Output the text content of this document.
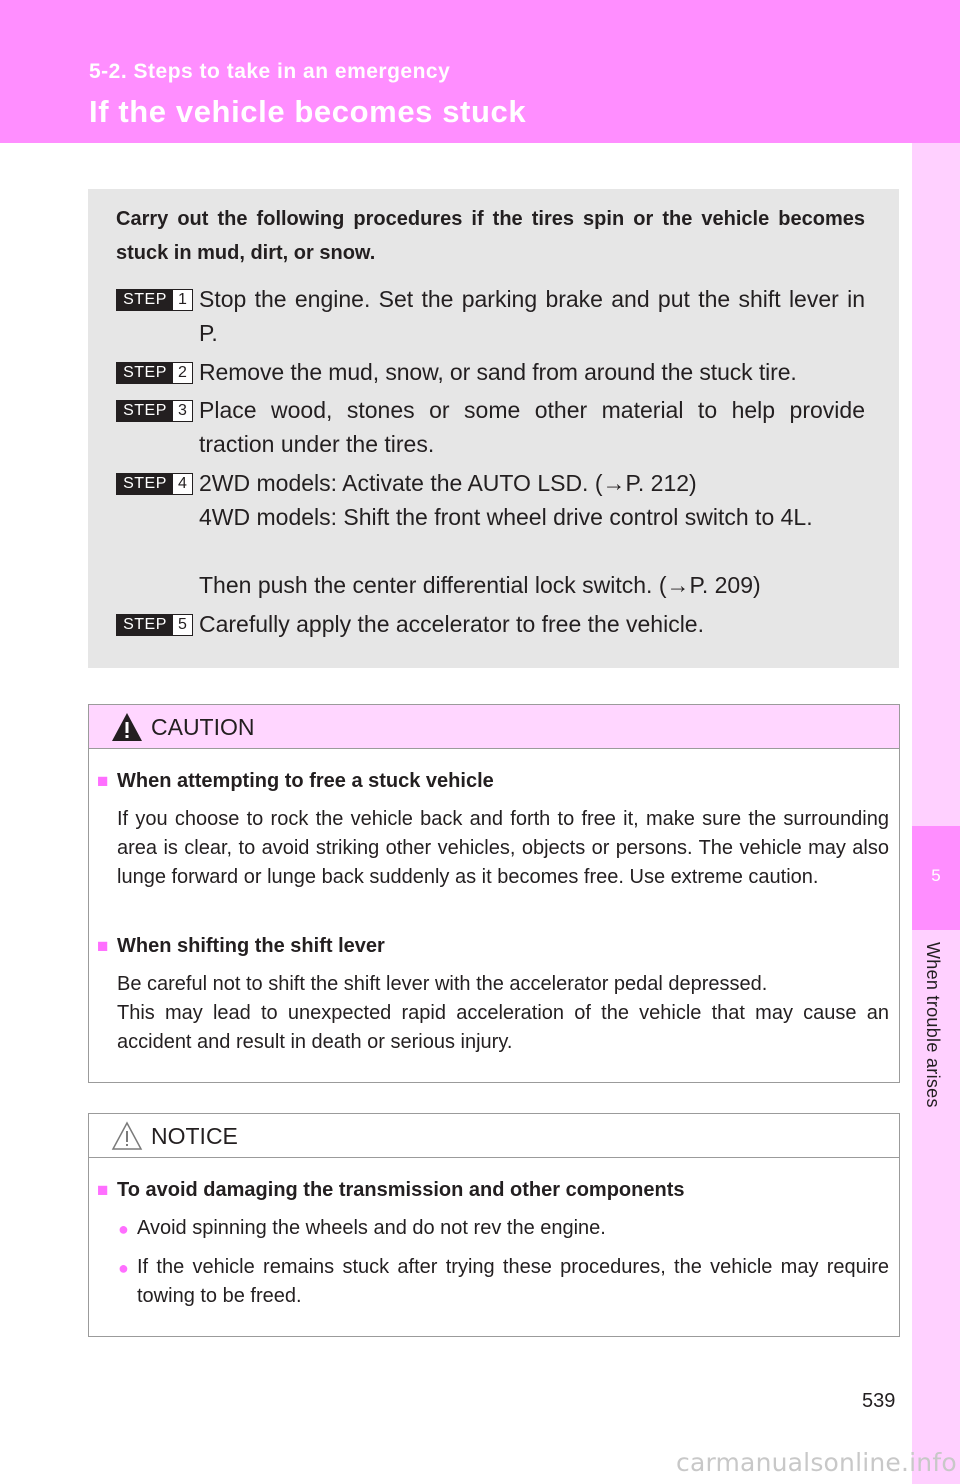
5-2. Steps to take in an emergency
If the vehicle becomes stuck
5
When trouble arises
Carry out the following procedures if the tires spin or the vehicle becomes stuck in mud, dirt, or snow.
STEP 1 Stop the engine. Set the parking brake and put the shift lever in P.
STEP 2 Remove the mud, snow, or sand from around the stuck tire.
STEP 3 Place wood, stones or some other material to help provide traction under the tires.
STEP 4 2WD models: Activate the AUTO LSD. (→P. 212)
4WD models: Shift the front wheel drive control switch to 4L.
Then push the center differential lock switch. (→P. 209)
STEP 5 Carefully apply the accelerator to free the vehicle.
CAUTION
■ When attempting to free a stuck vehicle
If you choose to rock the vehicle back and forth to free it, make sure the surrounding area is clear, to avoid striking other vehicles, objects or persons. The vehicle may also lunge forward or lunge back suddenly as it becomes free. Use extreme caution.
■ When shifting the shift lever
Be careful not to shift the shift lever with the accelerator pedal depressed.
This may lead to unexpected rapid acceleration of the vehicle that may cause an accident and result in death or serious injury.
NOTICE
■ To avoid damaging the transmission and other components
● Avoid spinning the wheels and do not rev the engine.
● If the vehicle remains stuck after trying these procedures, the vehicle may require towing to be freed.
539
carmanualsonline.info
